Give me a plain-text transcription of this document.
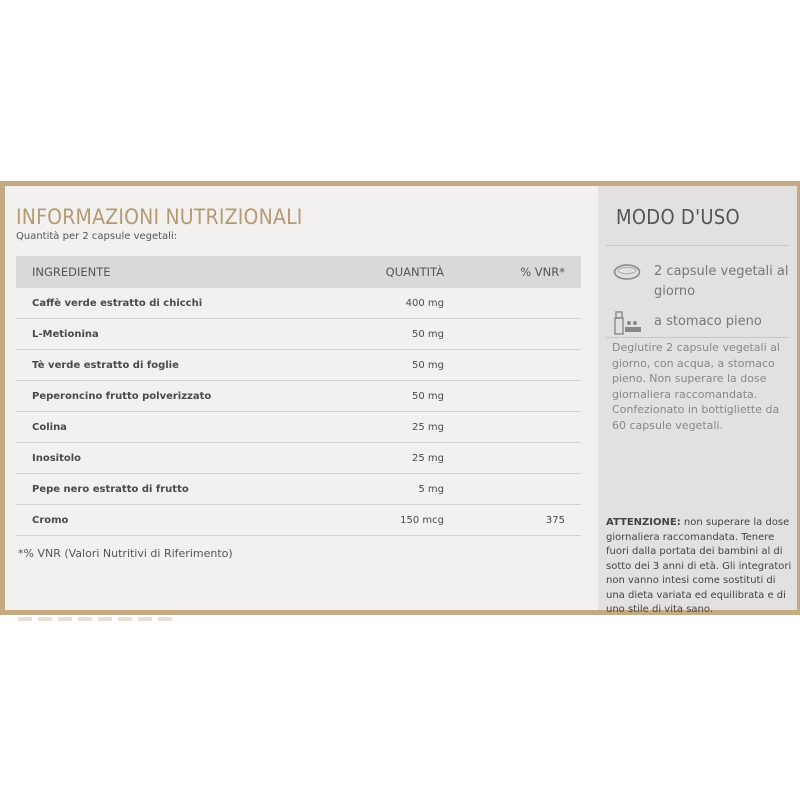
INFORMAZIONI NUTRIZIONALI
Quantità per 2 capsule vegetali:
INGREDIENTE	QUANTITÀ	% VNR*
Caffè verde estratto di chicchi	400 mg
L-Metionina	50 mg
Tè verde estratto di foglie	50 mg
Peperoncino frutto polverizzato	50 mg
Colina	25 mg
Inositolo	25 mg
Pepe nero estratto di frutto	5 mg
Cromo	150 mcg	375
*% VNR (Valori Nutritivi di Riferimento)
MODO D'USO
2 capsule vegetali al giorno
a stomaco pieno
Deglutire 2 capsule vegetali al giorno, con acqua, a stomaco pieno. Non superare la dose giornaliera raccomandata. Confezionato in bottigliette da 60 capsule vegetali.
ATTENZIONE: non superare la dose giornaliera raccomandata. Tenere fuori dalla portata dei bambini al di sotto dei 3 anni di età. Gli integratori non vanno intesi come sostituti di una dieta variata ed equilibrata e di uno stile di vita sano.
